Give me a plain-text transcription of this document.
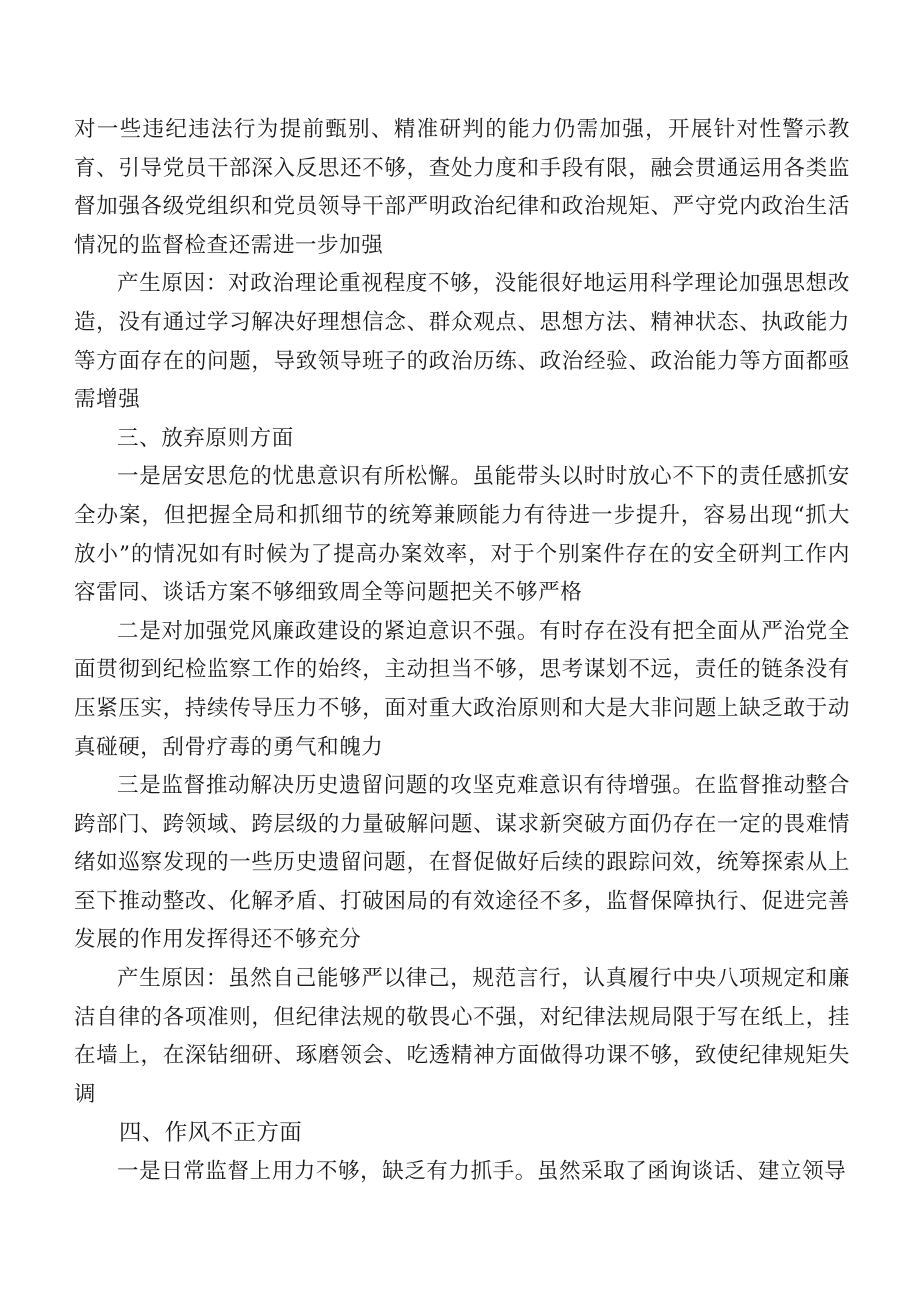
对一些违纪违法行为提前甄别、精准研判的能力仍需加强，开展针对性警示教育、引导党员干部深入反思还不够，查处力度和手段有限，融会贯通运用各类监督加强各级党组织和党员领导干部严明政治纪律和政治规矩、严守党内政治生活情况的监督检查还需进一步加强

产生原因：对政治理论重视程度不够，没能很好地运用科学理论加强思想改造，没有通过学习解决好理想信念、群众观点、思想方法、精神状态、执政能力等方面存在的问题，导致领导班子的政治历练、政治经验、政治能力等方面都亟需增强

三、放弃原则方面

一是居安思危的忧患意识有所松懈。虽能带头以时时放心不下的责任感抓安全办案，但把握全局和抓细节的统筹兼顾能力有待进一步提升，容易出现“抓大放小”的情况如有时候为了提高办案效率，对于个别案件存在的安全研判工作内容雷同、谈话方案不够细致周全等问题把关不够严格

二是对加强党风廉政建设的紧迫意识不强。有时存在没有把全面从严治党全面贯彻到纪检监察工作的始终，主动担当不够，思考谋划不远，责任的链条没有压紧压实，持续传导压力不够，面对重大政治原则和大是大非问题上缺乏敢于动真碰硬，刮骨疗毒的勇气和魄力

三是监督推动解决历史遗留问题的攻坚克难意识有待增强。在监督推动整合跨部门、跨领域、跨层级的力量破解问题、谋求新突破方面仍存在一定的畏难情绪如巡察发现的一些历史遗留问题，在督促做好后续的跟踪问效，统筹探索从上至下推动整改、化解矛盾、打破困局的有效途径不多，监督保障执行、促进完善发展的作用发挥得还不够充分

产生原因：虽然自己能够严以律己，规范言行，认真履行中央八项规定和廉洁自律的各项准则，但纪律法规的敬畏心不强，对纪律法规局限于写在纸上，挂在墙上，在深钻细研、琢磨领会、吃透精神方面做得功课不够，致使纪律规矩失调

四、作风不正方面

一是日常监督上用力不够，缺乏有力抓手。虽然采取了函询谈话、建立领导
